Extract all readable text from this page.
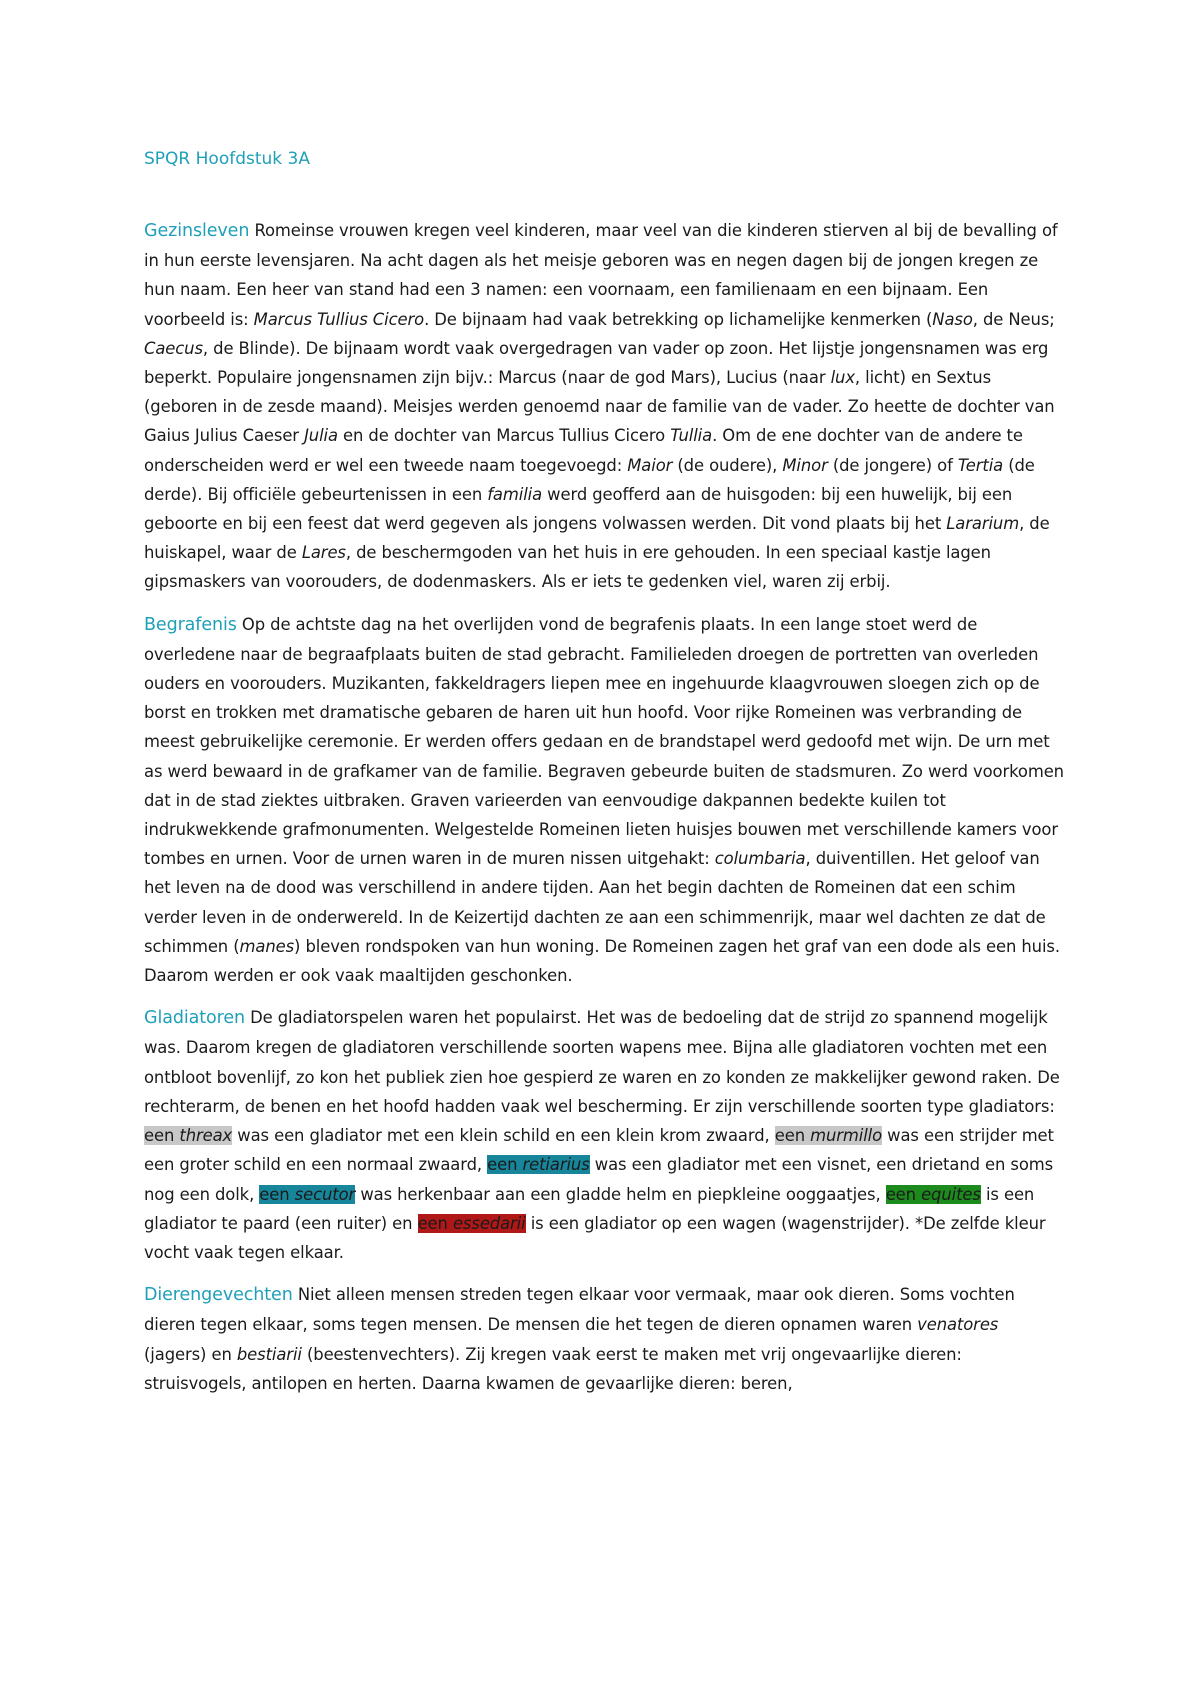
SPQR Hoofdstuk 3A

Gezinsleven Romeinse vrouwen kregen veel kinderen, maar veel van die kinderen stierven al bij de bevalling of in hun eerste levensjaren. Na acht dagen als het meisje geboren was en negen dagen bij de jongen kregen ze hun naam. Een heer van stand had een 3 namen: een voornaam, een familienaam en een bijnaam. Een voorbeeld is: Marcus Tullius Cicero. De bijnaam had vaak betrekking op lichamelijke kenmerken (Naso, de Neus; Caecus, de Blinde). De bijnaam wordt vaak overgedragen van vader op zoon. Het lijstje jongensnamen was erg beperkt. Populaire jongensnamen zijn bijv.: Marcus (naar de god Mars), Lucius (naar lux, licht) en Sextus (geboren in de zesde maand). Meisjes werden genoemd naar de familie van de vader. Zo heette de dochter van Gaius Julius Caeser Julia en de dochter van Marcus Tullius Cicero Tullia. Om de ene dochter van de andere te onderscheiden werd er wel een tweede naam toegevoegd: Maior (de oudere), Minor (de jongere) of Tertia (de derde). Bij officiële gebeurtenissen in een familia werd geofferd aan de huisgoden: bij een huwelijk, bij een geboorte en bij een feest dat werd gegeven als jongens volwassen werden. Dit vond plaats bij het Lararium, de huiskapel, waar de Lares, de beschermgoden van het huis in ere gehouden. In een speciaal kastje lagen gipsmaskers van voorouders, de dodenmaskers. Als er iets te gedenken viel, waren zij erbij.

Begrafenis Op de achtste dag na het overlijden vond de begrafenis plaats. In een lange stoet werd de overledene naar de begraafplaats buiten de stad gebracht. Familieleden droegen de portretten van overleden ouders en voorouders. Muzikanten, fakkeldragers liepen mee en ingehuurde klaagvrouwen sloegen zich op de borst en trokken met dramatische gebaren de haren uit hun hoofd. Voor rijke Romeinen was verbranding de meest gebruikelijke ceremonie. Er werden offers gedaan en de brandstapel werd gedoofd met wijn. De urn met as werd bewaard in de grafkamer van de familie. Begraven gebeurde buiten de stadsmuren. Zo werd voorkomen dat in de stad ziektes uitbraken. Graven varieerden van eenvoudige dakpannen bedekte kuilen tot indrukwekkende grafmonumenten. Welgestelde Romeinen lieten huisjes bouwen met verschillende kamers voor tombes en urnen. Voor de urnen waren in de muren nissen uitgehakt: columbaria, duiventillen. Het geloof van het leven na de dood was verschillend in andere tijden. Aan het begin dachten de Romeinen dat een schim verder leven in de onderwereld. In de Keizertijd dachten ze aan een schimmenrijk, maar wel dachten ze dat de schimmen (manes) bleven rondspoken van hun woning. De Romeinen zagen het graf van een dode als een huis. Daarom werden er ook vaak maaltijden geschonken.

Gladiatoren De gladiatorspelen waren het populairst. Het was de bedoeling dat de strijd zo spannend mogelijk was. Daarom kregen de gladiatoren verschillende soorten wapens mee. Bijna alle gladiatoren vochten met een ontbloot bovenlijf, zo kon het publiek zien hoe gespierd ze waren en zo konden ze makkelijker gewond raken. De rechterarm, de benen en het hoofd hadden vaak wel bescherming. Er zijn verschillende soorten type gladiators: een threax was een gladiator met een klein schild en een klein krom zwaard, een murmillo was een strijder met een groter schild en een normaal zwaard, een retiarius was een gladiator met een visnet, een drietand en soms nog een dolk, een secutor was herkenbaar aan een gladde helm en piepkleine ooggaatjes, een equites is een gladiator te paard (een ruiter) en een essedarii is een gladiator op een wagen (wagenstrijder). *De zelfde kleur vocht vaak tegen elkaar.

Dierengevechten Niet alleen mensen streden tegen elkaar voor vermaak, maar ook dieren. Soms vochten dieren tegen elkaar, soms tegen mensen. De mensen die het tegen de dieren opnamen waren venatores (jagers) en bestiarii (beestenvechters). Zij kregen vaak eerst te maken met vrij ongevaarlijke dieren: struisvogels, antilopen en herten. Daarna kwamen de gevaarlijke dieren: beren,
